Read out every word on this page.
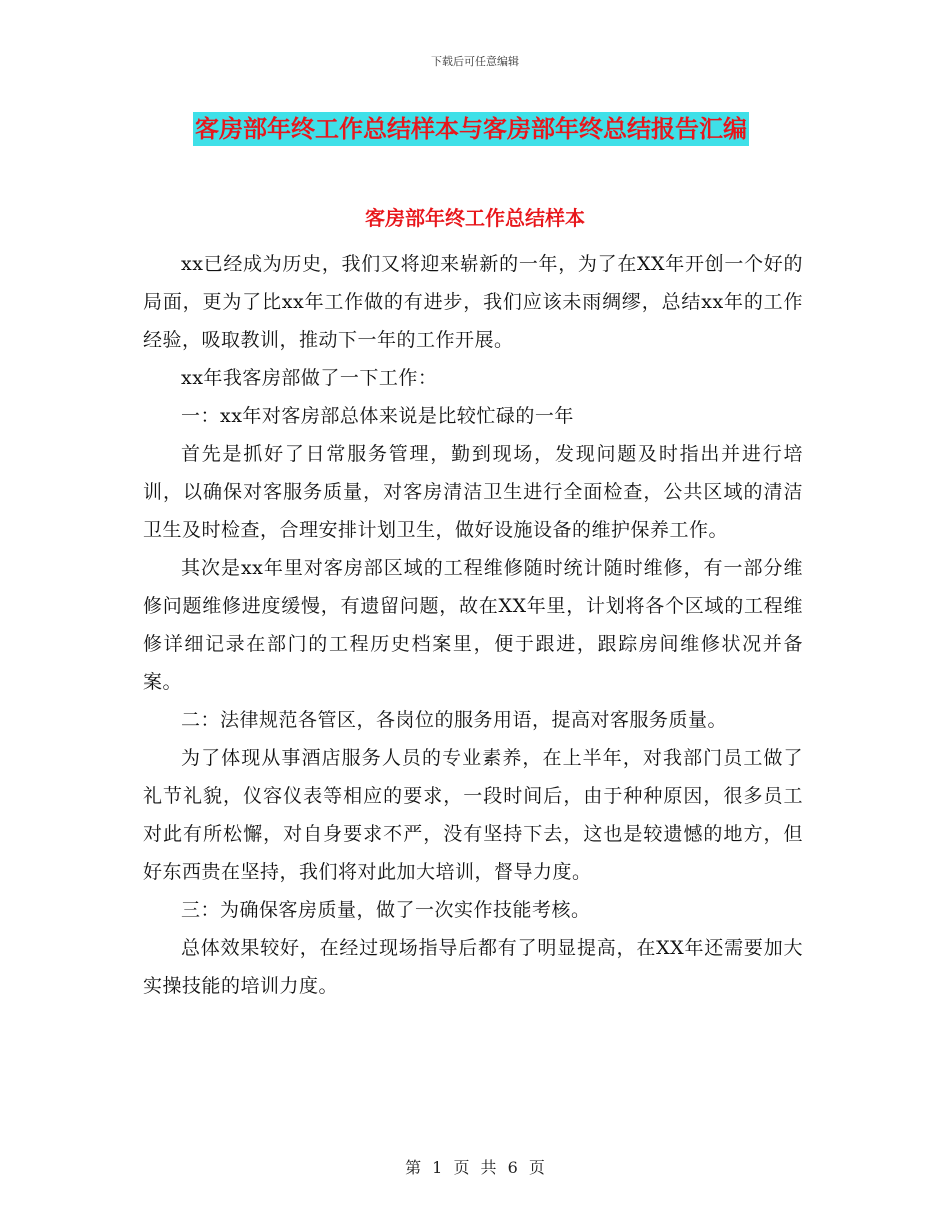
下载后可任意编辑
客房部年终工作总结样本与客房部年终总结报告汇编
客房部年终工作总结样本

xx已经成为历史，我们又将迎来崭新的一年，为了在XX年开创一个好的局面，更为了比xx年工作做的有进步，我们应该未雨绸缪，总结xx年的工作经验，吸取教训，推动下一年的工作开展。

xx年我客房部做了一下工作：

一：xx年对客房部总体来说是比较忙碌的一年

首先是抓好了日常服务管理，勤到现场，发现问题及时指出并进行培训，以确保对客服务质量，对客房清洁卫生进行全面检查，公共区域的清洁卫生及时检查，合理安排计划卫生，做好设施设备的维护保养工作。

其次是xx年里对客房部区域的工程维修随时统计随时维修，有一部分维修问题维修进度缓慢，有遗留问题，故在XX年里，计划将各个区域的工程维修详细记录在部门的工程历史档案里，便于跟进，跟踪房间维修状况并备案。

二：法律规范各管区，各岗位的服务用语，提高对客服务质量。

为了体现从事酒店服务人员的专业素养，在上半年，对我部门员工做了礼节礼貌，仪容仪表等相应的要求，一段时间后，由于种种原因，很多员工对此有所松懈，对自身要求不严，没有坚持下去，这也是较遗憾的地方，但好东西贵在坚持，我们将对此加大培训，督导力度。

三：为确保客房质量，做了一次实作技能考核。

总体效果较好，在经过现场指导后都有了明显提高，在XX年还需要加大实操技能的培训力度。

第 1 页 共 6 页
